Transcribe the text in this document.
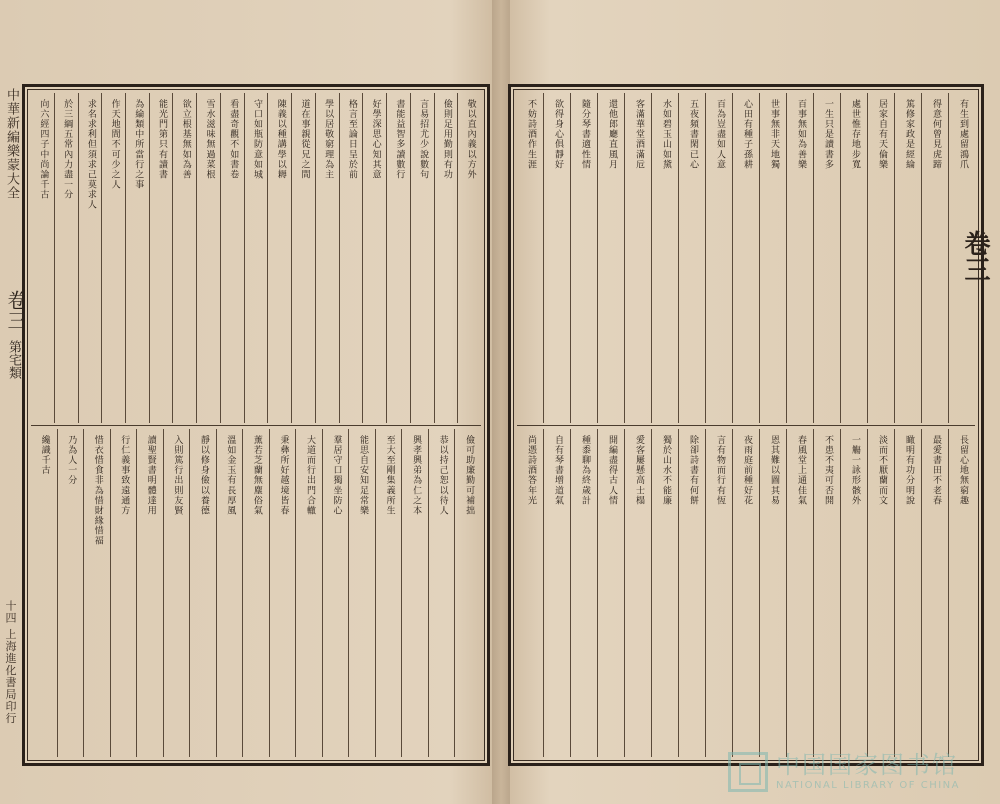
中華新編樂蒙大全
卷三
第宅類
十四 上海進化書局印行
敬以直內義以方外
儉則足用勤則有功
言易招尤少說數句
書能益智多讀數行
好學深思心知其意
格言至論日呈於前
學以居敬窮理為主
道在事親從兄之間
陳義以種講學以耨
守口如瓶防意如城
看盡奇觀不如書卷
雪水滋味無過菜根
欲立根基無如為善
能光門第只有讀書
為綸類中所當行之事
作天地間不可少之人
求名求利但須求己莫求人
於三綱五常內力盡一分
向六經四子中尚論千古
儉可助廉勤可補拙
恭以持己恕以待人
興孝興弟為仁之本
至大至剛集義所生
能思自安知足常樂
羣居守口獨坐防心
大道而行出門合轍
秉彝所好越境皆春
薰若芝蘭無塵俗氣
溫如金玉有長厚風
靜以修身儉以養德
入則篤行出則友賢
讀聖賢書明體達用
行仁義事致遠通方
惜衣惜食非為惜財緣惜福
乃為人一分
纔識千古
有生到處留鴻爪
得意何曾見虎蹄
篤修家政是經綸
居家自有天倫樂
處世惟存地步寬
一生只是讀書多
百事無如為善樂
世事無非天地獨
心田有種子孫耕
百為豈盡如人意
五夜頻書閑已心
水如碧玉山如黛
客滿華堂酒滿卮
還他郎廳直風月
隨分琴書適性情
欲得身心俱靜好
不妨詩酒作生涯
長留心地無窮趣
最愛書田不老春
瞰明有功分明說
淡而不厭蘭而文
一觴一詠形骸外
不患不夷可否開
春風堂上通佳氣
恩其難以圖其易
夜雨庭前種好花
言有物而行有恆
除卻詩書有何餅
獨於山水不能廉
愛客屢懸高士榻
開編盡得古人情
種黍聊為終歲計
自有琴書增道氣
尚憑詩酒答年光
卷三
中国国家图书馆
NATIONAL LIBRARY OF CHINA
